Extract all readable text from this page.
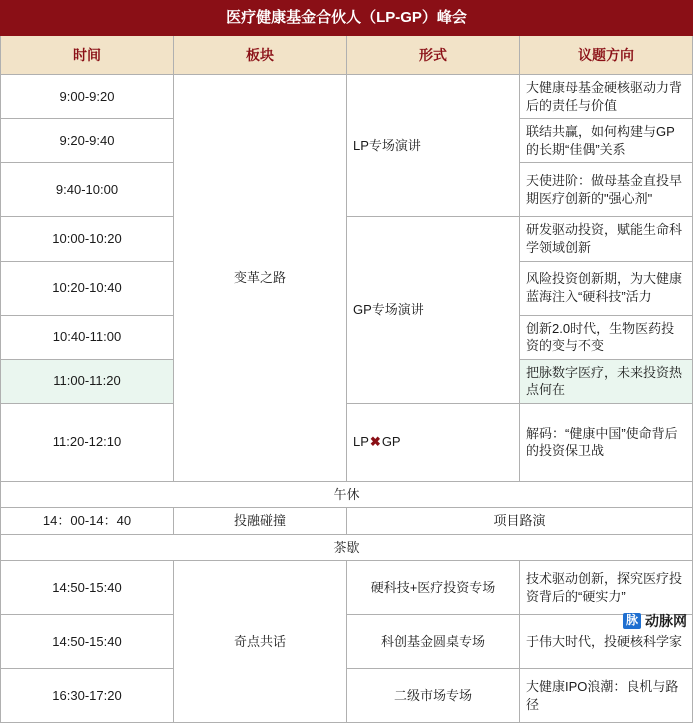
医疗健康基金合伙人（LP-GP）峰会			
时间	板块	形式	议题方向
9:00-9:20	变革之路	LP专场演讲	大健康母基金硬核驱动力背后的责任与价值
9:20-9:40			联结共赢，如何构建与GP的长期“佳偶”关系
9:40-10:00			天使进阶：做母基金直投早期医疗创新的"强心剂"
10:00-10:20		GP专场演讲	研发驱动投资，赋能生命科学领域创新
10:20-10:40			风险投资创新期，为大健康蓝海注入“硬科技”活力
10:40-11:00			创新2.0时代，生物医药投资的变与不变
11:00-11:20			把脉数字医疗，未来投资热点何在
11:20-12:10		LP✖GP	解码：“健康中国”使命背后的投资保卫战
午休			
14：00-14：40	投融碰撞	项目路演	
茶歇			
14:50-15:40	奇点共话	硬科技+医疗投资专场	技术驱动创新，探究医疗投资背后的“硬实力”
14:50-15:40		科创基金圆桌专场	于伟大时代，投硬核科学家
16:30-17:20		二级市场专场	大健康IPO浪潮：良机与路径
脉 动脉网
